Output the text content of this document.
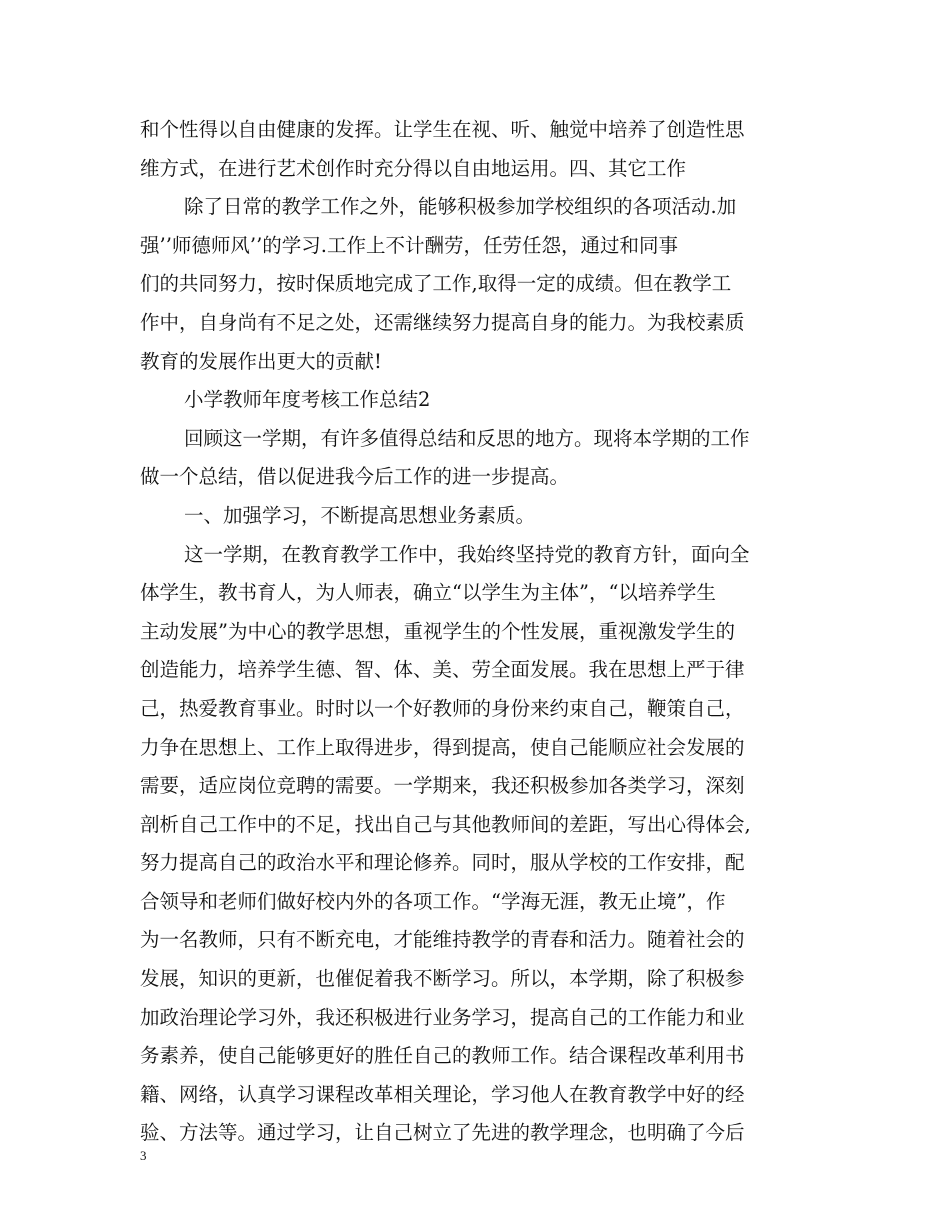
和个性得以自由健康的发挥。让学生在视、听、触觉中培养了创造性思
维方式，在进行艺术创作时充分得以自由地运用。四、其它工作
除了日常的教学工作之外，能够积极参加学校组织的各项活动.加
强’’师德师风’’的学习.工作上不计酬劳，任劳任怨，通过和同事
们的共同努力，按时保质地完成了工作,取得一定的成绩。但在教学工
作中，自身尚有不足之处，还需继续努力提高自身的能力。为我校素质
教育的发展作出更大的贡献!
小学教师年度考核工作总结2
回顾这一学期，有许多值得总结和反思的地方。现将本学期的工作
做一个总结，借以促进我今后工作的进一步提高。
一、加强学习，不断提高思想业务素质。
这一学期，在教育教学工作中，我始终坚持党的教育方针，面向全
体学生，教书育人，为人师表，确立“以学生为主体”，“以培养学生
主动发展”为中心的教学思想，重视学生的个性发展，重视激发学生的
创造能力，培养学生德、智、体、美、劳全面发展。我在思想上严于律
己，热爱教育事业。时时以一个好教师的身份来约束自己，鞭策自己，
力争在思想上、工作上取得进步，得到提高，使自己能顺应社会发展的
需要，适应岗位竞聘的需要。一学期来，我还积极参加各类学习，深刻
剖析自己工作中的不足，找出自己与其他教师间的差距，写出心得体会,
努力提高自己的政治水平和理论修养。同时，服从学校的工作安排，配
合领导和老师们做好校内外的各项工作。“学海无涯，教无止境”，作
为一名教师，只有不断充电，才能维持教学的青春和活力。随着社会的
发展，知识的更新，也催促着我不断学习。所以，本学期，除了积极参
加政治理论学习外，我还积极进行业务学习，提高自己的工作能力和业
务素养，使自己能够更好的胜任自己的教师工作。结合课程改革利用书
籍、网络，认真学习课程改革相关理论，学习他人在教育教学中好的经
验、方法等。通过学习，让自己树立了先进的教学理念，也明确了今后
3
